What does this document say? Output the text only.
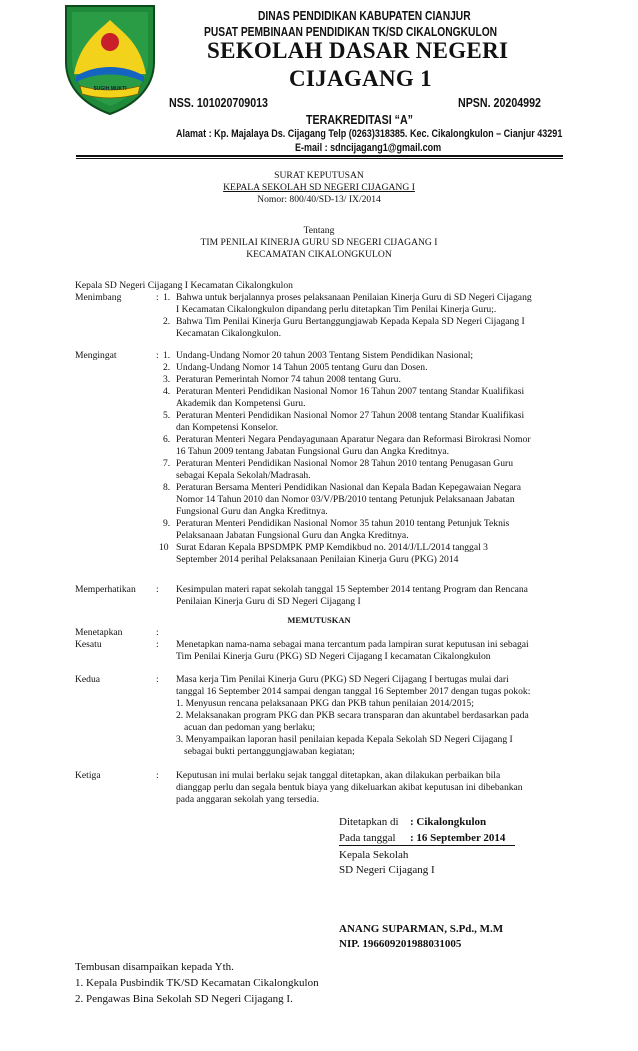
SUGIH MUKTI
DINAS PENDIDIKAN KABUPATEN CIANJUR
PUSAT PEMBINAAN PENDIDIKAN TK/SD CIKALONGKULON
SEKOLAH DASAR NEGERI
CIJAGANG 1
NSS. 101020709013	NPSN. 20204992
TERAKREDITASI “A”
Alamat : Kp. Majalaya Ds. Cijagang Telp (0263)318385. Kec. Cikalongkulon – Cianjur 43291
E-mail : sdncijagang1@gmail.com
SURAT KEPUTUSAN
KEPALA SEKOLAH SD NEGERI CIJAGANG I
Nomor: 800/40/SD-13/ IX/2014
Tentang
TIM PENILAI KINERJA GURU SD NEGERI CIJAGANG I
KECAMATAN CIKALONGKULON
Kepala SD Negeri Cijagang I Kecamatan Cikalongkulon
Menimbang	: 1. Bahwa untuk berjalannya proses pelaksanaan Penilaian Kinerja Guru di SD Negeri Cijagang
I Kecamatan Cikalongkulon dipandang perlu ditetapkan Tim Penilai Kinerja Guru;.
2. Bahwa Tim Penilai Kinerja Guru Bertanggungjawab Kepada Kepala SD Negeri Cijagang I
Kecamatan Cikalongkulon.
Mengingat	: 1. Undang-Undang Nomor 20 tahun 2003 Tentang Sistem Pendidikan Nasional;
2. Undang-Undang Nomor 14 Tahun 2005 tentang Guru dan Dosen.
3. Peraturan Pemerintah Nomor 74 tahun 2008 tentang Guru.
4. Peraturan Menteri Pendidikan Nasional Nomor 16 Tahun 2007 tentang Standar Kualifikasi
Akademik dan Kompetensi Guru.
5. Peraturan Menteri Pendidikan Nasional Nomor 27 Tahun 2008 tentang Standar Kualifikasi
dan Kompetensi Konselor.
6. Peraturan Menteri Negara Pendayagunaan Aparatur Negara dan Reformasi Birokrasi Nomor
16 Tahun 2009 tentang Jabatan Fungsional Guru dan Angka Kreditnya.
7. Peraturan Menteri Pendidikan Nasional Nomor 28 Tahun 2010 tentang Penugasan Guru
sebagai Kepala Sekolah/Madrasah.
8. Peraturan Bersama Menteri Pendidikan Nasional dan Kepala Badan Kepegawaian Negara
Nomor 14 Tahun 2010 dan Nomor 03/V/PB/2010 tentang Petunjuk Pelaksanaan Jabatan
Fungsional Guru dan Angka Kreditnya.
9. Peraturan Menteri Pendidikan Nasional Nomor 35 tahun 2010 tentang Petunjuk Teknis
Pelaksanaan Jabatan Fungsional Guru dan Angka Kreditnya.
10 Surat Edaran Kepala BPSDMPK PMP Kemdikbud no. 2014/J/LL/2014 tanggal 3
September 2014 perihal Pelaksanaan Penilaian Kinerja Guru (PKG) 2014
Memperhatikan : Kesimpulan materi rapat sekolah tanggal 15 September 2014 tentang Program dan Rencana
Penilaian Kinerja Guru di SD Negeri Cijagang I
MEMUTUSKAN
Menetapkan	:
Kesatu	: Menetapkan nama-nama sebagai mana tercantum pada lampiran surat keputusan ini sebagai
Tim Penilai Kinerja Guru (PKG) SD Negeri Cijagang I kecamatan Cikalongkulon
Kedua	: Masa kerja Tim Penilai Kinerja Guru (PKG) SD Negeri Cijagang I bertugas mulai dari
tanggal 16 September 2014 sampai dengan tanggal 16 September 2017 dengan tugas pokok:
1. Menyusun rencana pelaksanaan PKG dan PKB tahun penilaian 2014/2015;
2. Melaksanakan program PKG dan PKB secara transparan dan akuntabel berdasarkan pada
acuan dan pedoman yang berlaku;
3. Menyampaikan laporan hasil penilaian kepada Kepala Sekolah SD Negeri Cijagang I
sebagai bukti pertanggungjawaban kegiatan;
Ketiga	: Keputusan ini mulai berlaku sejak tanggal ditetapkan, akan dilakukan perbaikan bila
dianggap perlu dan segala bentuk biaya yang dikeluarkan akibat keputusan ini dibebankan
pada anggaran sekolah yang tersedia.
Ditetapkan di : Cikalongkulon
Pada tanggal : 16 September 2014
Kepala Sekolah
SD Negeri Cijagang I
ANANG SUPARMAN, S.Pd., M.M
NIP. 196609201988031005
Tembusan disampaikan kepada Yth.
1. Kepala Pusbindik TK/SD Kecamatan Cikalongkulon
2. Pengawas Bina Sekolah SD Negeri Cijagang I.
